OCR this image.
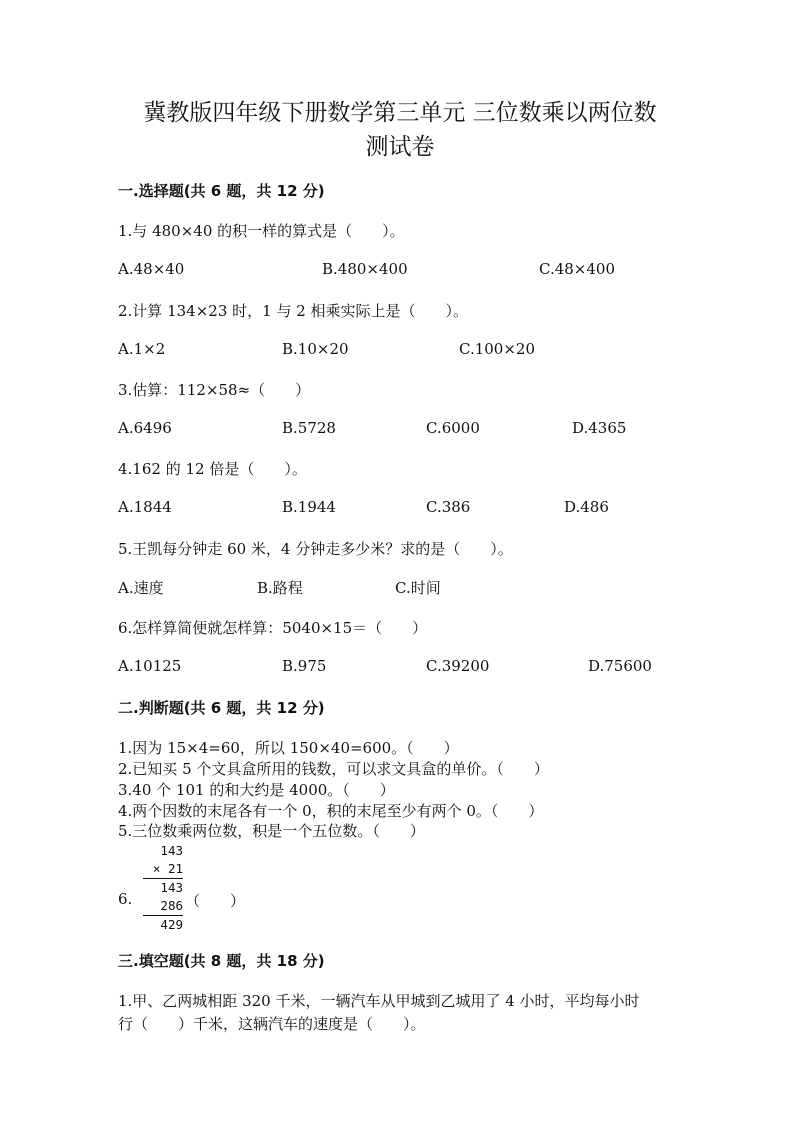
冀教版四年级下册数学第三单元 三位数乘以两位数
测试卷
一.选择题(共 6 题，共 12 分)
1.与 480×40 的积一样的算式是（　　）。
A.48×40	B.480×400	C.48×400
2.计算 134×23 时，1 与 2 相乘实际上是（　　）。
A.1×2	B.10×20	C.100×20
3.估算：112×58≈（　　）
A.6496	B.5728	C.6000	D.4365
4.162 的 12 倍是（　　）。
A.1844	B.1944	C.386	D.486
5.王凯每分钟走 60 米，4 分钟走多少米？求的是（　　）。
A.速度	B.路程	C.时间
6.怎样算简便就怎样算：5040×15＝（　　）
A.10125	B.975	C.39200	D.75600
二.判断题(共 6 题，共 12 分)
1.因为 15×4=60，所以 150×40=600。（　　）
2.已知买 5 个文具盒所用的钱数，可以求文具盒的单价。（　　）
3.40 个 101 的和大约是 4000。（　　）
4.两个因数的末尾各有一个 0，积的末尾至少有两个 0。（　　）
5.三位数乘两位数，积是一个五位数。（　　）
143
× 21
143
286
429
6.	（　　）
三.填空题(共 8 题，共 18 分)
1.甲、乙两城相距 320 千米，一辆汽车从甲城到乙城用了 4 小时，平均每小时
行（　　）千米，这辆汽车的速度是（　　）。
